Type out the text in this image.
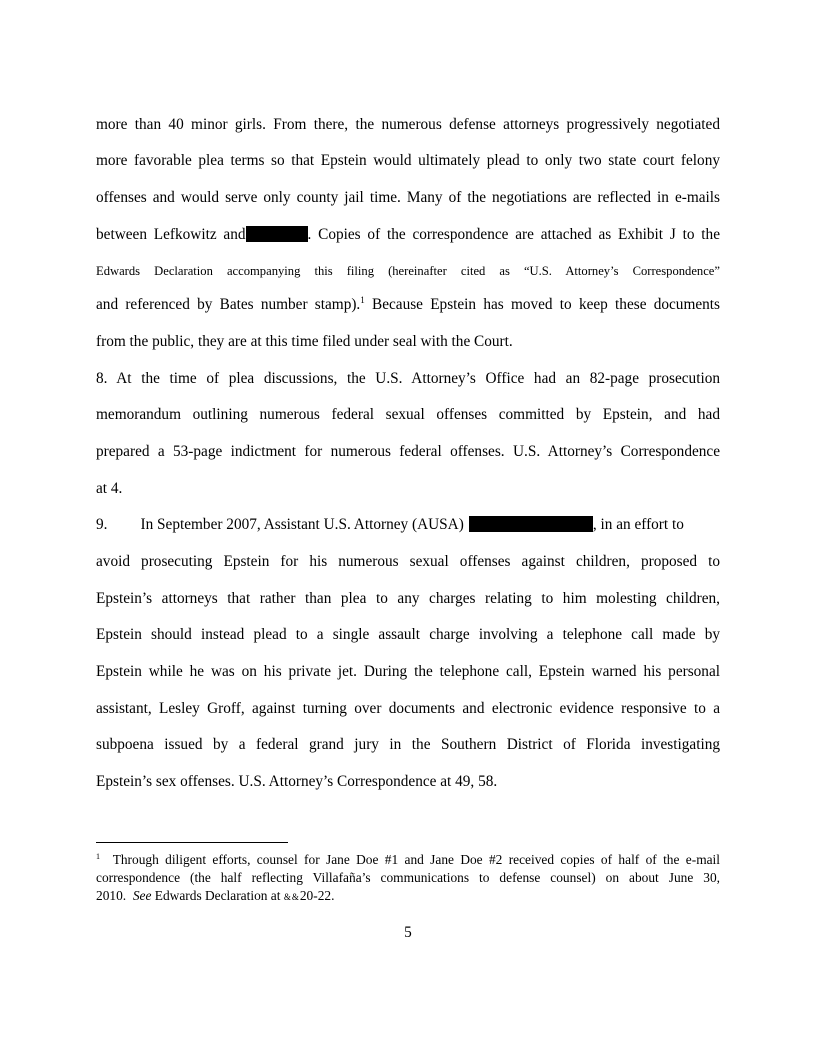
more than 40 minor girls. From there, the numerous defense attorneys progressively negotiated
more favorable plea terms so that Epstein would ultimately plead to only two state court felony
offenses and would serve only county jail time. Many of the negotiations are reflected in e-mails
between Lefkowitz and	. Copies of the correspondence are attached as Exhibit J to the
Edwards Declaration accompanying this filing (hereinafter cited as “U.S. Attorney’s Correspondence”
and referenced by Bates number stamp).$^1$ Because Epstein has moved to keep these documents
from the public, they are at this time filed under seal with the Court.
8. At the time of plea discussions, the U.S. Attorney’s Office had an 82-page prosecution
memorandum outlining numerous federal sexual offenses committed by Epstein, and had
prepared a 53-page indictment for numerous federal offenses. U.S. Attorney’s Correspondence
at 4.
9. In September 2007, Assistant U.S. Attorney (AUSA)	, in an effort to
avoid prosecuting Epstein for his numerous sexual offenses against children, proposed to
Epstein’s attorneys that rather than plea to any charges relating to him molesting children,
Epstein should instead plead to a single assault charge involving a telephone call made by
Epstein while he was on his private jet. During the telephone call, Epstein warned his personal
assistant, Lesley Groff, against turning over documents and electronic evidence responsive to a
subpoena issued by a federal grand jury in the Southern District of Florida investigating
Epstein’s sex offenses. U.S. Attorney’s Correspondence at 49, 58.
$^1$ Through diligent efforts, counsel for Jane Doe #1 and Jane Doe #2 received copies of half of the e-mail
correspondence (the half reflecting Villafaña’s communications to defense counsel) on about June 30,
2010. See Edwards Declaration at &&20-22.
5
